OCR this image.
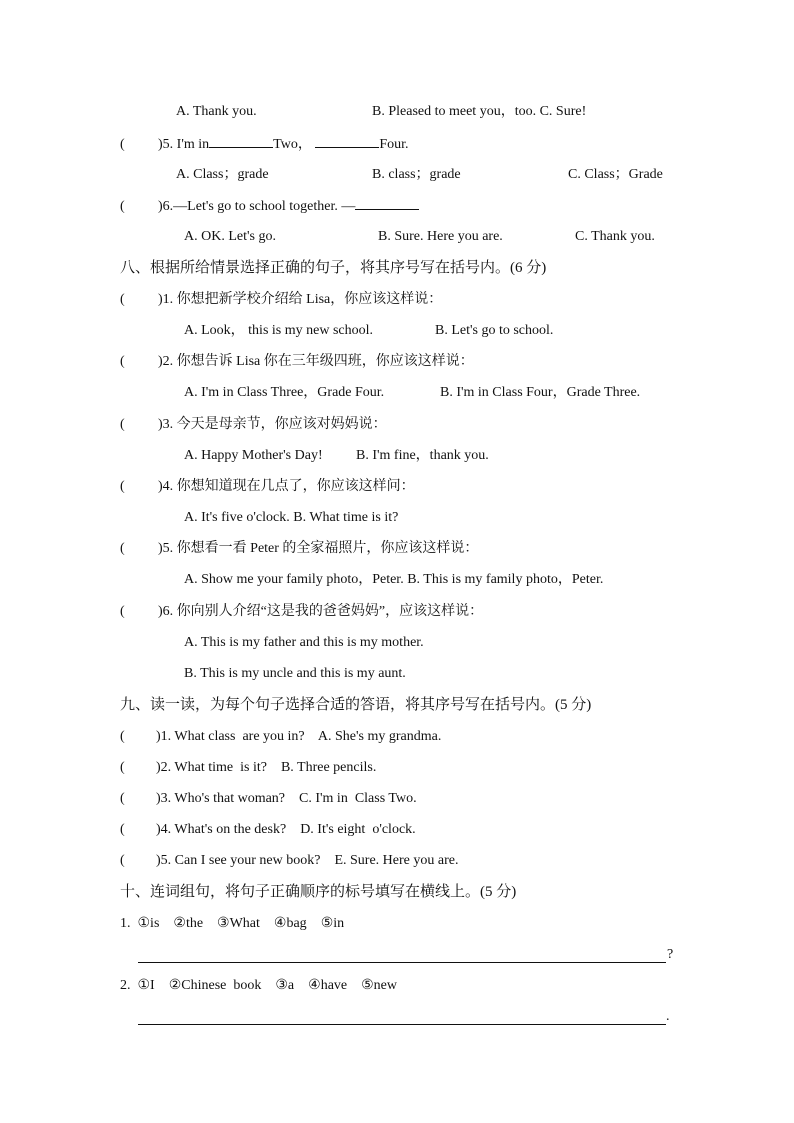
A. Thank you.	B. Pleased to meet you，too. C. Sure!
( )5. I'm in	Two，	Four.
A. Class；grade	B. class；grade	C. Class；Grade
( )6.—Let's go to school together. —
A. OK. Let's go.	B. Sure. Here you are.	C. Thank you.
八、根据所给情景选择正确的句子，将其序号写在括号内。(6 分)
( )1. 你想把新学校介绍给 Lisa，你应该这样说：
A. Look， this is my new school.	B. Let's go to school.
( )2. 你想告诉 Lisa 你在三年级四班，你应该这样说：
A. I'm in Class Three，Grade Four.	B. I'm in Class Four，Grade Three.
( )3. 今天是母亲节，你应该对妈妈说：
A. Happy Mother's Day! B. I'm fine，thank you.
( )4. 你想知道现在几点了，你应该这样问：
A. It's five o'clock. B. What time is it?
( )5. 你想看一看 Peter 的全家福照片，你应该这样说：
A. Show me your family photo，Peter. B. This is my family photo，Peter.
( )6. 你向别人介绍“这是我的爸爸妈妈”，应该这样说：
A. This is my father and this is my mother.
B. This is my uncle and this is my aunt.
九、读一读，为每个句子选择合适的答语，将其序号写在括号内。(5 分)
( )1. What class  are you in? A. She's my grandma.
( )2. What time  is it? B. Three pencils.
( )3. Who's that woman? C. I'm in  Class Two.
( )4. What's on the desk? D. It's eight  o'clock.
( )5. Can I see your new book? E. Sure. Here you are.
十、连词组句，将句子正确顺序的标号填写在横线上。(5 分)
1. ①is ②the ③What ④bag ⑤in
?
2. ①I ②Chinese  book ③a ④have ⑤new
.
